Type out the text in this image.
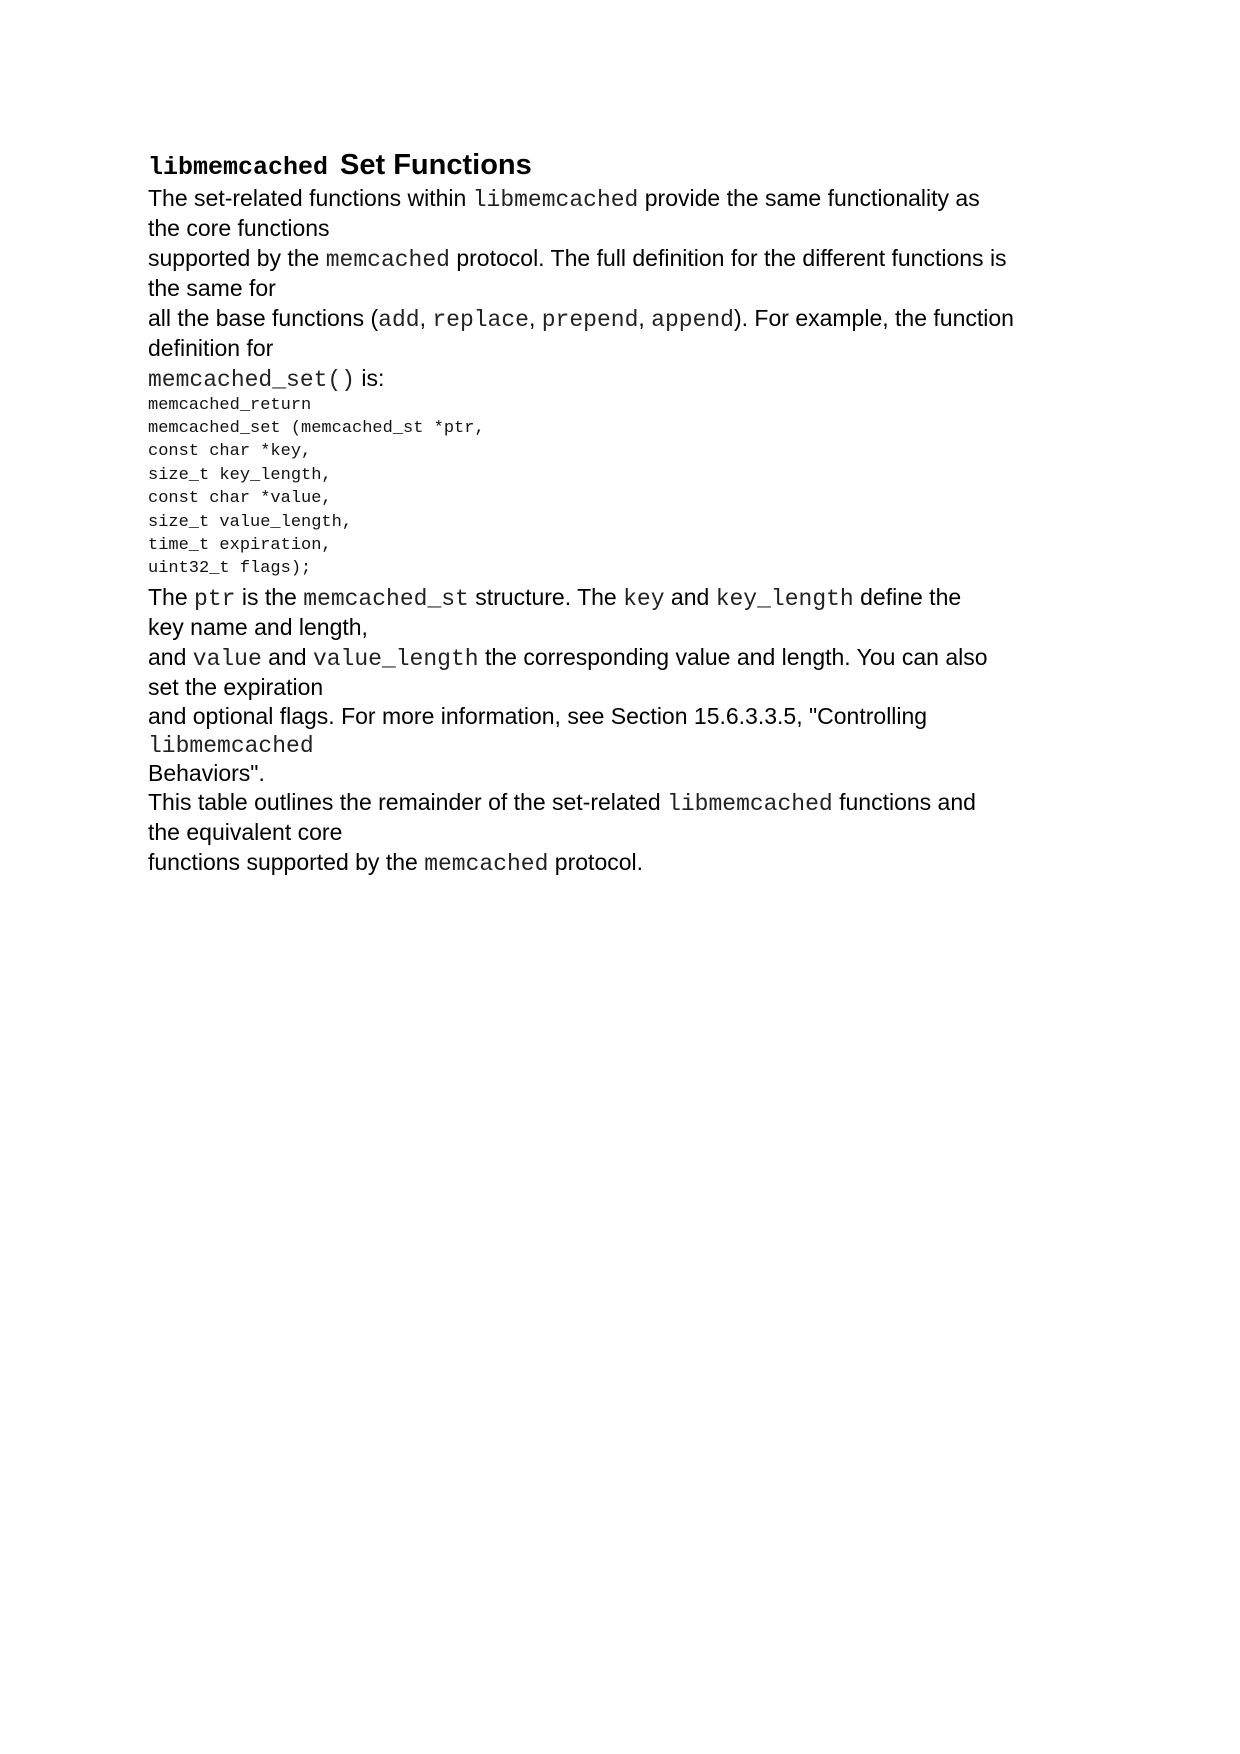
libmemcached Set Functions
The set-related functions within libmemcached provide the same functionality as
the core functions
supported by the memcached protocol. The full definition for the different functions is
the same for
all the base functions (add, replace, prepend, append). For example, the function
definition for
memcached_set() is:
memcached_return
memcached_set (memcached_st *ptr,
const char *key,
size_t key_length,
const char *value,
size_t value_length,
time_t expiration,
uint32_t flags);
The ptr is the memcached_st structure. The key and key_length define the
key name and length,
and value and value_length the corresponding value and length. You can also
set the expiration
and optional flags. For more information, see Section 15.6.3.3.5, "Controlling
libmemcached
Behaviors".
This table outlines the remainder of the set-related libmemcached functions and
the equivalent core
functions supported by the memcached protocol.
